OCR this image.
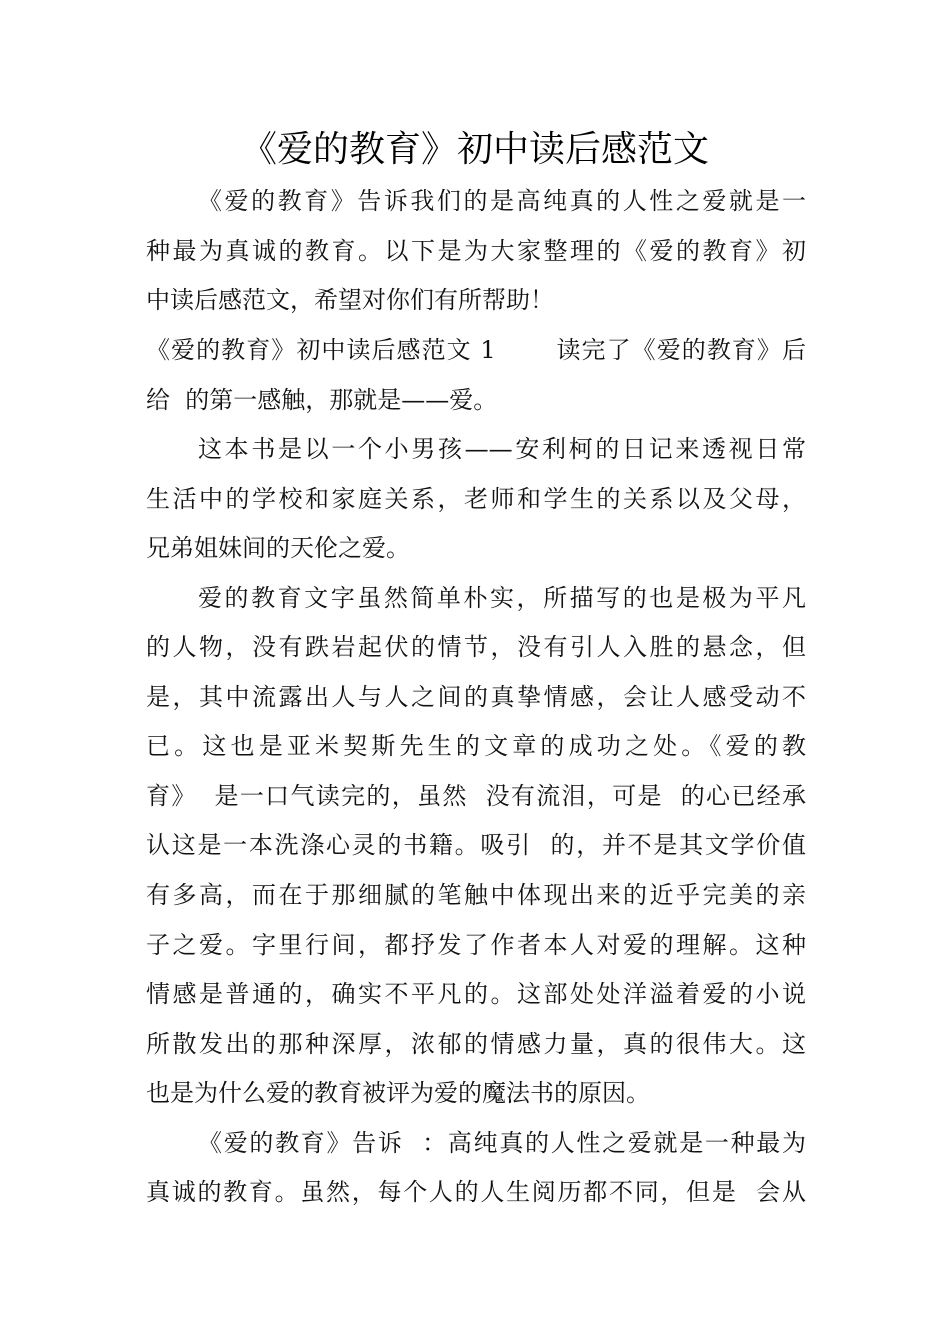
《爱的教育》初中读后感范文
《爱的教育》告诉我们的是高纯真的人性之爱就是一
种最为真诚的教育。以下是为大家整理的《爱的教育》初
中读后感范文，希望对你们有所帮助！
《爱的教育》初中读后感范文 1       读完了《爱的教育》后
给  的第一感触，那就是——爱。
这本书是以一个小男孩——安利柯的日记来透视日常
生活中的学校和家庭关系，老师和学生的关系以及父母，
兄弟姐妹间的天伦之爱。
爱的教育文字虽然简单朴实，所描写的也是极为平凡
的人物，没有跌岩起伏的情节，没有引人入胜的悬念，但
是，其中流露出人与人之间的真挚情感，会让人感受动不
已。这也是亚米契斯先生的文章的成功之处。《爱的教
育》  是一口气读完的，虽然  没有流泪，可是  的心已经承
认这是一本洗涤心灵的书籍。吸引  的，并不是其文学价值
有多高，而在于那细腻的笔触中体现出来的近乎完美的亲
子之爱。字里行间，都抒发了作者本人对爱的理解。这种
情感是普通的，确实不平凡的。这部处处洋溢着爱的小说
所散发出的那种深厚，浓郁的情感力量，真的很伟大。这
也是为什么爱的教育被评为爱的魔法书的原因。
《爱的教育》告诉  ：高纯真的人性之爱就是一种最为
真诚的教育。虽然，每个人的人生阅历都不同，但是  会从
